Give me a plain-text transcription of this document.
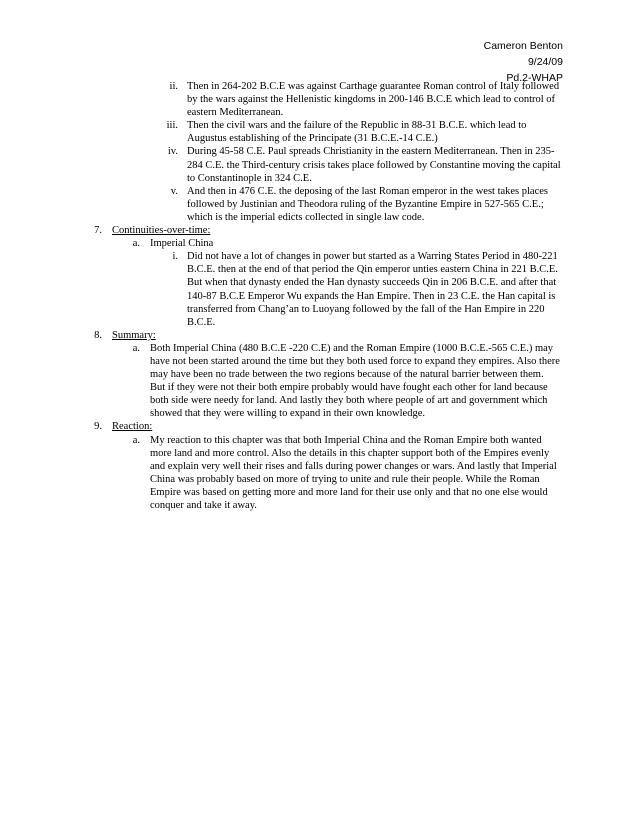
Cameron Benton
9/24/09
Pd.2-WHAP
ii. Then in 264-202 B.C.E was against Carthage guarantee Roman control of Italy followed by the wars against the Hellenistic kingdoms in 200-146 B.C.E which lead to control of eastern Mediterranean.
iii. Then the civil wars and the failure of the Republic in 88-31 B.C.E. which lead to Augustus establishing of the Principate (31 B.C.E.-14 C.E.)
iv. During 45-58 C.E. Paul spreads Christianity in the eastern Mediterranean. Then in 235-284 C.E. the Third-century crisis takes place followed by Constantine moving the capital to Constantinople in 324 C.E.
v. And then in 476 C.E. the deposing of the last Roman emperor in the west takes places followed by Justinian and Theodora ruling of the Byzantine Empire in 527-565 C.E.; which is the imperial edicts collected in single law code.
7. Continuities-over-time:
a. Imperial China
i. Did not have a lot of changes in power but started as a Warring States Period in 480-221 B.C.E. then at the end of that period the Qin emperor unties eastern China in 221 B.C.E. But when that dynasty ended the Han dynasty succeeds Qin in 206 B.C.E. and after that 140-87 B.C.E Emperor Wu expands the Han Empire. Then in 23 C.E. the Han capital is transferred from Chang’an to Luoyang followed by the fall of the Han Empire in 220 B.C.E.
8. Summary:
a. Both Imperial China (480 B.C.E -220 C.E) and the Roman Empire (1000 B.C.E.-565 C.E.) may have not been started around the time but they both used force to expand they empires. Also there may have been no trade between the two regions because of the natural barrier between them. But if they were not their both empire probably would have fought each other for land because both side were needy for land. And lastly they both where people of art and government which showed that they were willing to expand in their own knowledge.
9. Reaction:
a. My reaction to this chapter was that both Imperial China and the Roman Empire both wanted more land and more control. Also the details in this chapter support both of the Empires evenly and explain very well their rises and falls during power changes or wars. And lastly that Imperial China was probably based on more of trying to unite and rule their people. While the Roman Empire was based on getting more and more land for their use only and that no one else would conquer and take it away.
